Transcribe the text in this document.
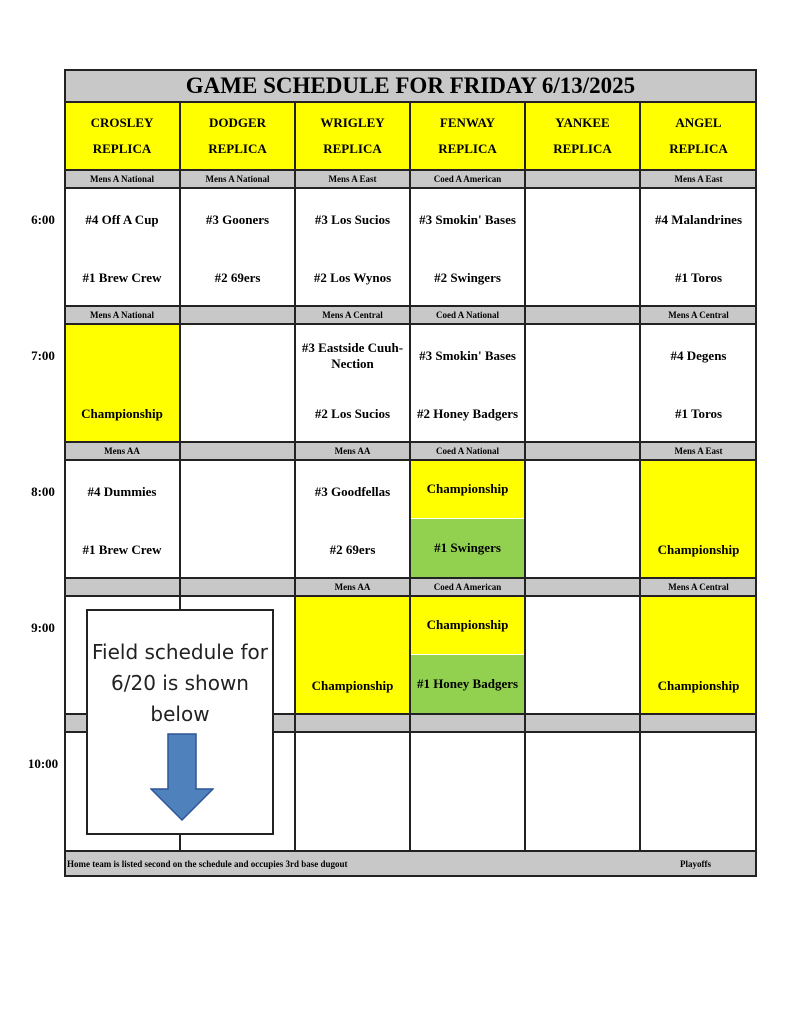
GAME SCHEDULE FOR FRIDAY 6/13/2025
CROSLEY
REPLICA
DODGER
REPLICA
WRIGLEY
REPLICA
FENWAY
REPLICA
YANKEE
REPLICA
ANGEL
REPLICA
Mens A National
#4 Off A Cup
#1 Brew Crew
Mens A National
#3 Gooners
#2 69ers
Mens A East
#3 Los Sucios
#2 Los Wynos
Coed A American
#3 Smokin' Bases
#2 Swingers
Mens A East
#4 Malandrines
#1 Toros
Mens A National
Championship
Mens A Central
#3 Eastside Cuuh-Nection
#2 Los Sucios
Coed A National
#3 Smokin' Bases
#2 Honey Badgers
Mens A Central
#4 Degens
#1 Toros
Mens AA
#4 Dummies
#1 Brew Crew
Mens AA
#3 Goodfellas
#2 69ers
Coed A National
Championship
#1 Swingers
Mens A East
Championship
Mens AA
Championship
Coed A American
Championship
#1 Honey Badgers
Mens A Central
Championship
Home team is listed second on the schedule and occupies 3rd base dugout	Playoffs
6:00
7:00
8:00
9:00
10:00
Field schedule for 6/20 is shown below
